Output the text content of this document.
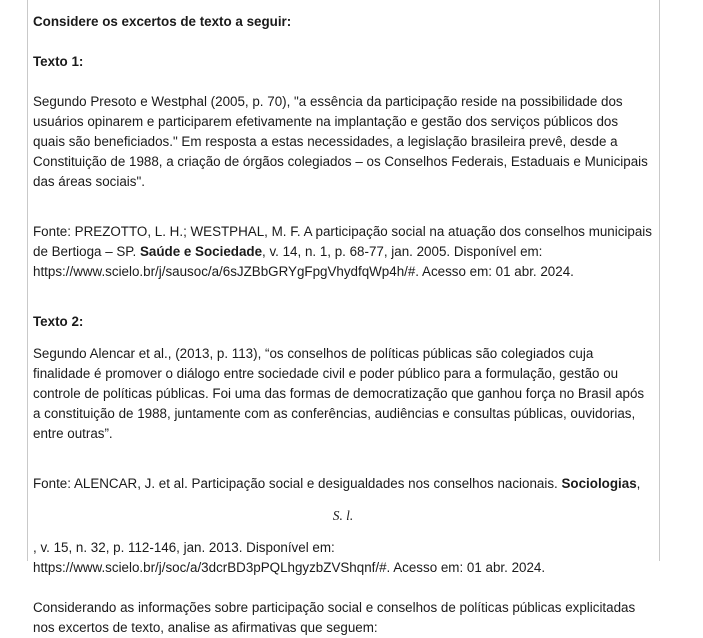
Considere os excertos de texto a seguir:

Texto 1:

Segundo Presoto e Westphal (2005, p. 70), "a essência da participação reside na possibilidade dos usuários opinarem e participarem efetivamente na implantação e gestão dos serviços públicos dos quais são beneficiados." Em resposta a estas necessidades, a legislação brasileira prevê, desde a Constituição de 1988, a criação de órgãos colegiados – os Conselhos Federais, Estaduais e Municipais das áreas sociais".

Fonte: PREZOTTO, L. H.; WESTPHAL, M. F. A participação social na atuação dos conselhos municipais de Bertioga – SP. Saúde e Sociedade, v. 14, n. 1, p. 68-77, jan. 2005. Disponível em:

https://www.scielo.br/j/sausoc/a/6sJZBbGRYgFpgVhydfqWp4h/#. Acesso em: 01 abr. 2024.

Texto 2:

Segundo Alencar et al., (2013, p. 113), “os conselhos de políticas públicas são colegiados cuja finalidade é promover o diálogo entre sociedade civil e poder público para a formulação, gestão ou controle de políticas públicas. Foi uma das formas de democratização que ganhou força no Brasil após a constituição de 1988, juntamente com as conferências, audiências e consultas públicas, ouvidorias, entre outras”.

Fonte: ALENCAR, J. et al. Participação social e desigualdades nos conselhos nacionais. Sociologias,

S. l.

, v. 15, n. 32, p. 112-146, jan. 2013. Disponível em:

https://www.scielo.br/j/soc/a/3dcrBD3pPQLhgyzbZVShqnf/#. Acesso em: 01 abr. 2024.

Considerando as informações sobre participação social e conselhos de políticas públicas explicitadas nos excertos de texto, analise as afirmativas que seguem:
